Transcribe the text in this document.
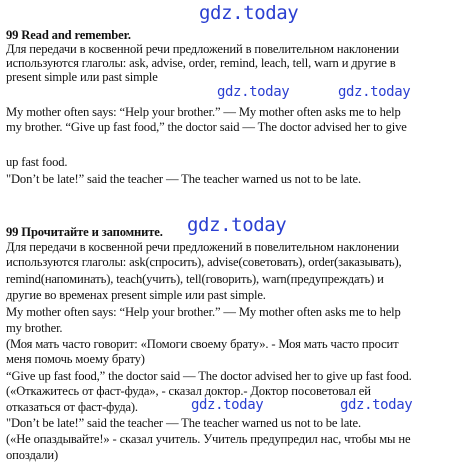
99 Read and remember.
Для передачи в косвенной речи предложений в повелительном наклонении
используются глаголы: ask, advise, order, remind, leach, tell, warn и другие в
present simple или past simple
My mother often says: “Help your brother.” — My mother often asks me to help
my brother. “Give up fast food,” the doctor said — The doctor advised her to give
up fast food.
"Don’t be late!” said the teacher — The teacher warned us not to be late.
99 Прочитайте и запомните.
Для передачи в косвенной речи предложений в повелительном наклонении
используются глаголы: ask(спросить), advise(советовать), order(заказывать),
remind(напоминать), teach(учить), tell(говорить), warn(предупреждать) и
другие во временах present simple или past simple.
My mother often says: “Help your brother.” — My mother often asks me to help
my brother.
(Моя мать часто говорит: «Помоги своему брату». - Моя мать часто просит
меня помочь моему брату)
“Give up fast food,” the doctor said — The doctor advised her to give up fast food.
(«Откажитесь от фаст-фуда», - сказал доктор.- Доктор посоветовал ей
отказаться от фаст-фуда).
"Don’t be late!” said the teacher — The teacher warned us not to be late.
(«Не опаздывайте!» - сказал учитель. Учитель предупредил нас, чтобы мы не
опоздали)
gdz.today
gdz.today	gdz.today
gdz.today
gdz.today	gdz.today
